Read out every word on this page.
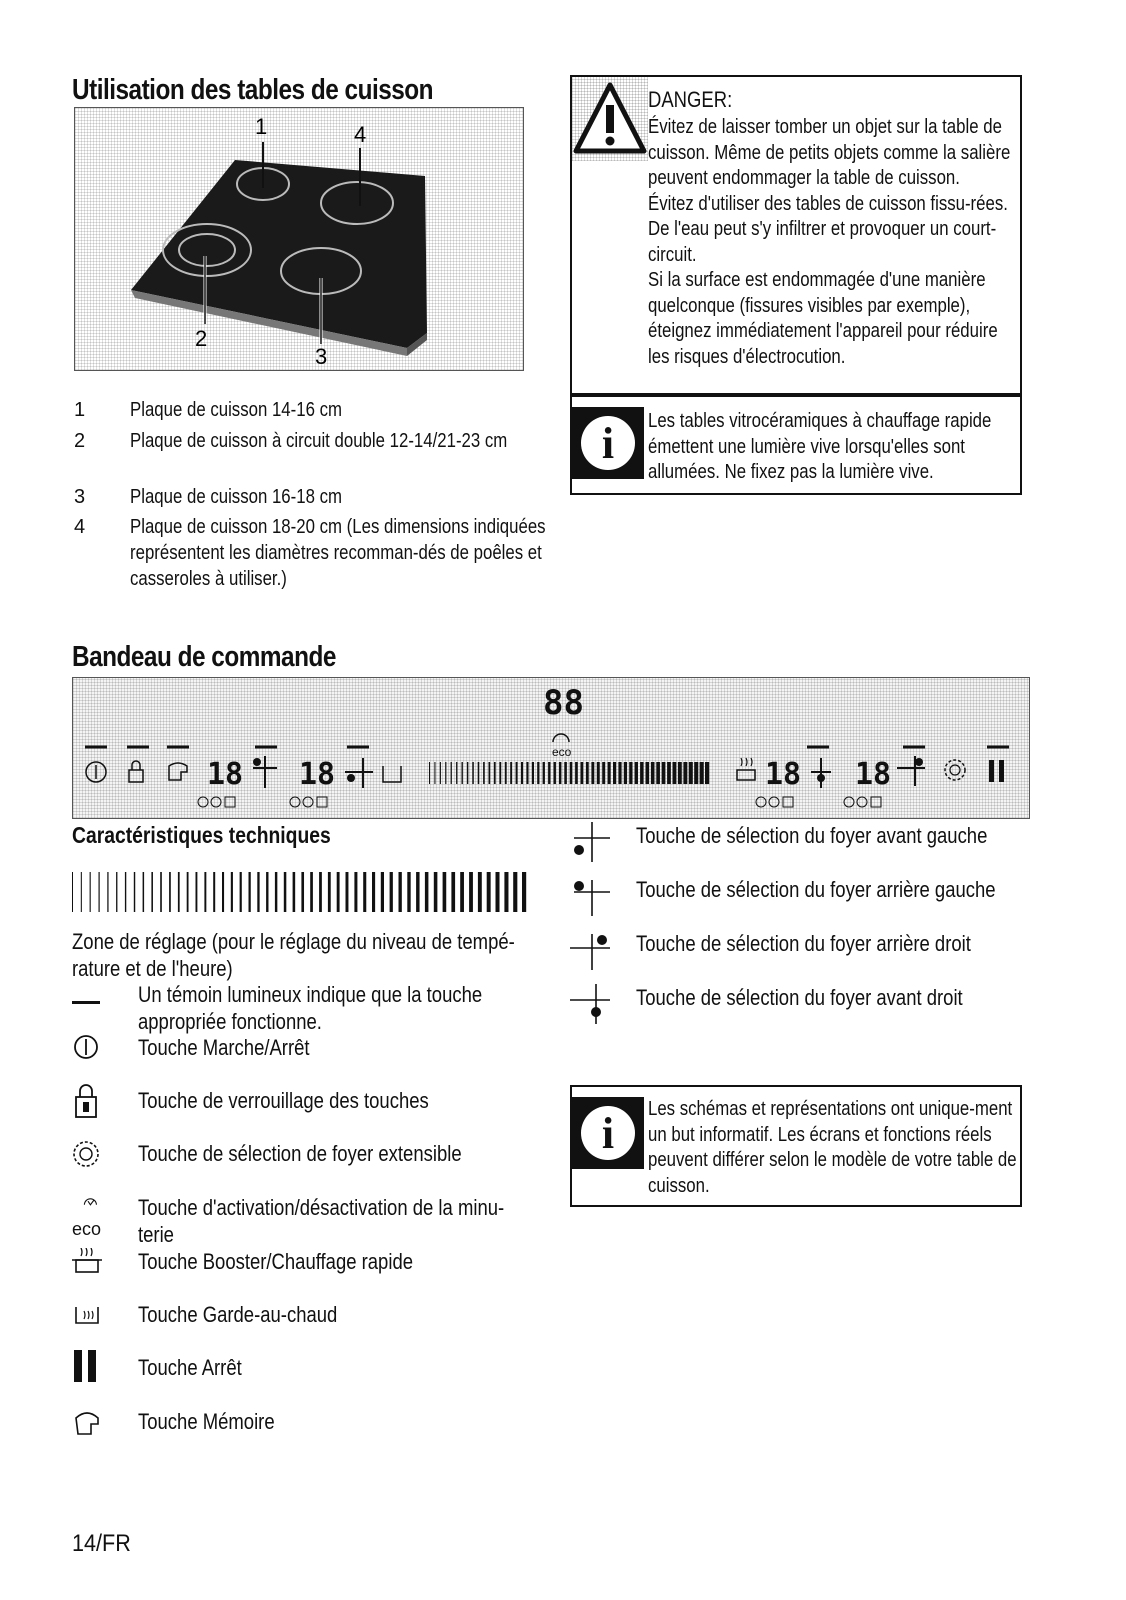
Utilisation des tables de cuisson
1	4
2
3
1 Plaque de cuisson 14-16 cm
2 Plaque de cuisson à circuit double 12-14/21-23 cm
3 Plaque de cuisson 16-18 cm
4 Plaque de cuisson 18-20 cm (Les dimensions indiquées représentent les diamètres recomman-dés de poêles et casseroles à utiliser.)
DANGER:
Évitez de laisser tomber un objet sur la table de cuisson. Même de petits objets comme la salière peuvent endommager la table de cuisson.
Évitez d'utiliser des tables de cuisson fissu-rées. De l'eau peut s'y infiltrer et provoquer un court-circuit.
Si la surface est endommagée d'une manière quelconque (fissures visibles par exemple), éteignez immédiatement l'appareil pour réduire les risques d'électrocution.
i	Les tables vitrocéramiques à chauffage rapide émettent une lumière vive lorsqu'elles sont allumées. Ne fixez pas la lumière vive.
Bandeau de commande
88
eco
18 18	18 18
Caractéristiques techniques
Zone de réglage (pour le réglage du niveau de tempé-rature et de l'heure)
Un témoin lumineux indique que la touche appropriée fonctionne.
Touche Marche/Arrêt
Touche de verrouillage des touches
Touche de sélection de foyer extensible
eco
Touche d'activation/désactivation de la minu-terie
Touche Booster/Chauffage rapide
Touche Garde-au-chaud
Touche Arrêt
Touche Mémoire
Touche de sélection du foyer avant gauche
Touche de sélection du foyer arrière gauche
Touche de sélection du foyer arrière droit
Touche de sélection du foyer avant droit
i	Les schémas et représentations ont unique-ment un but informatif. Les écrans et fonctions réels peuvent différer selon le modèle de votre table de cuisson.
14/FR
